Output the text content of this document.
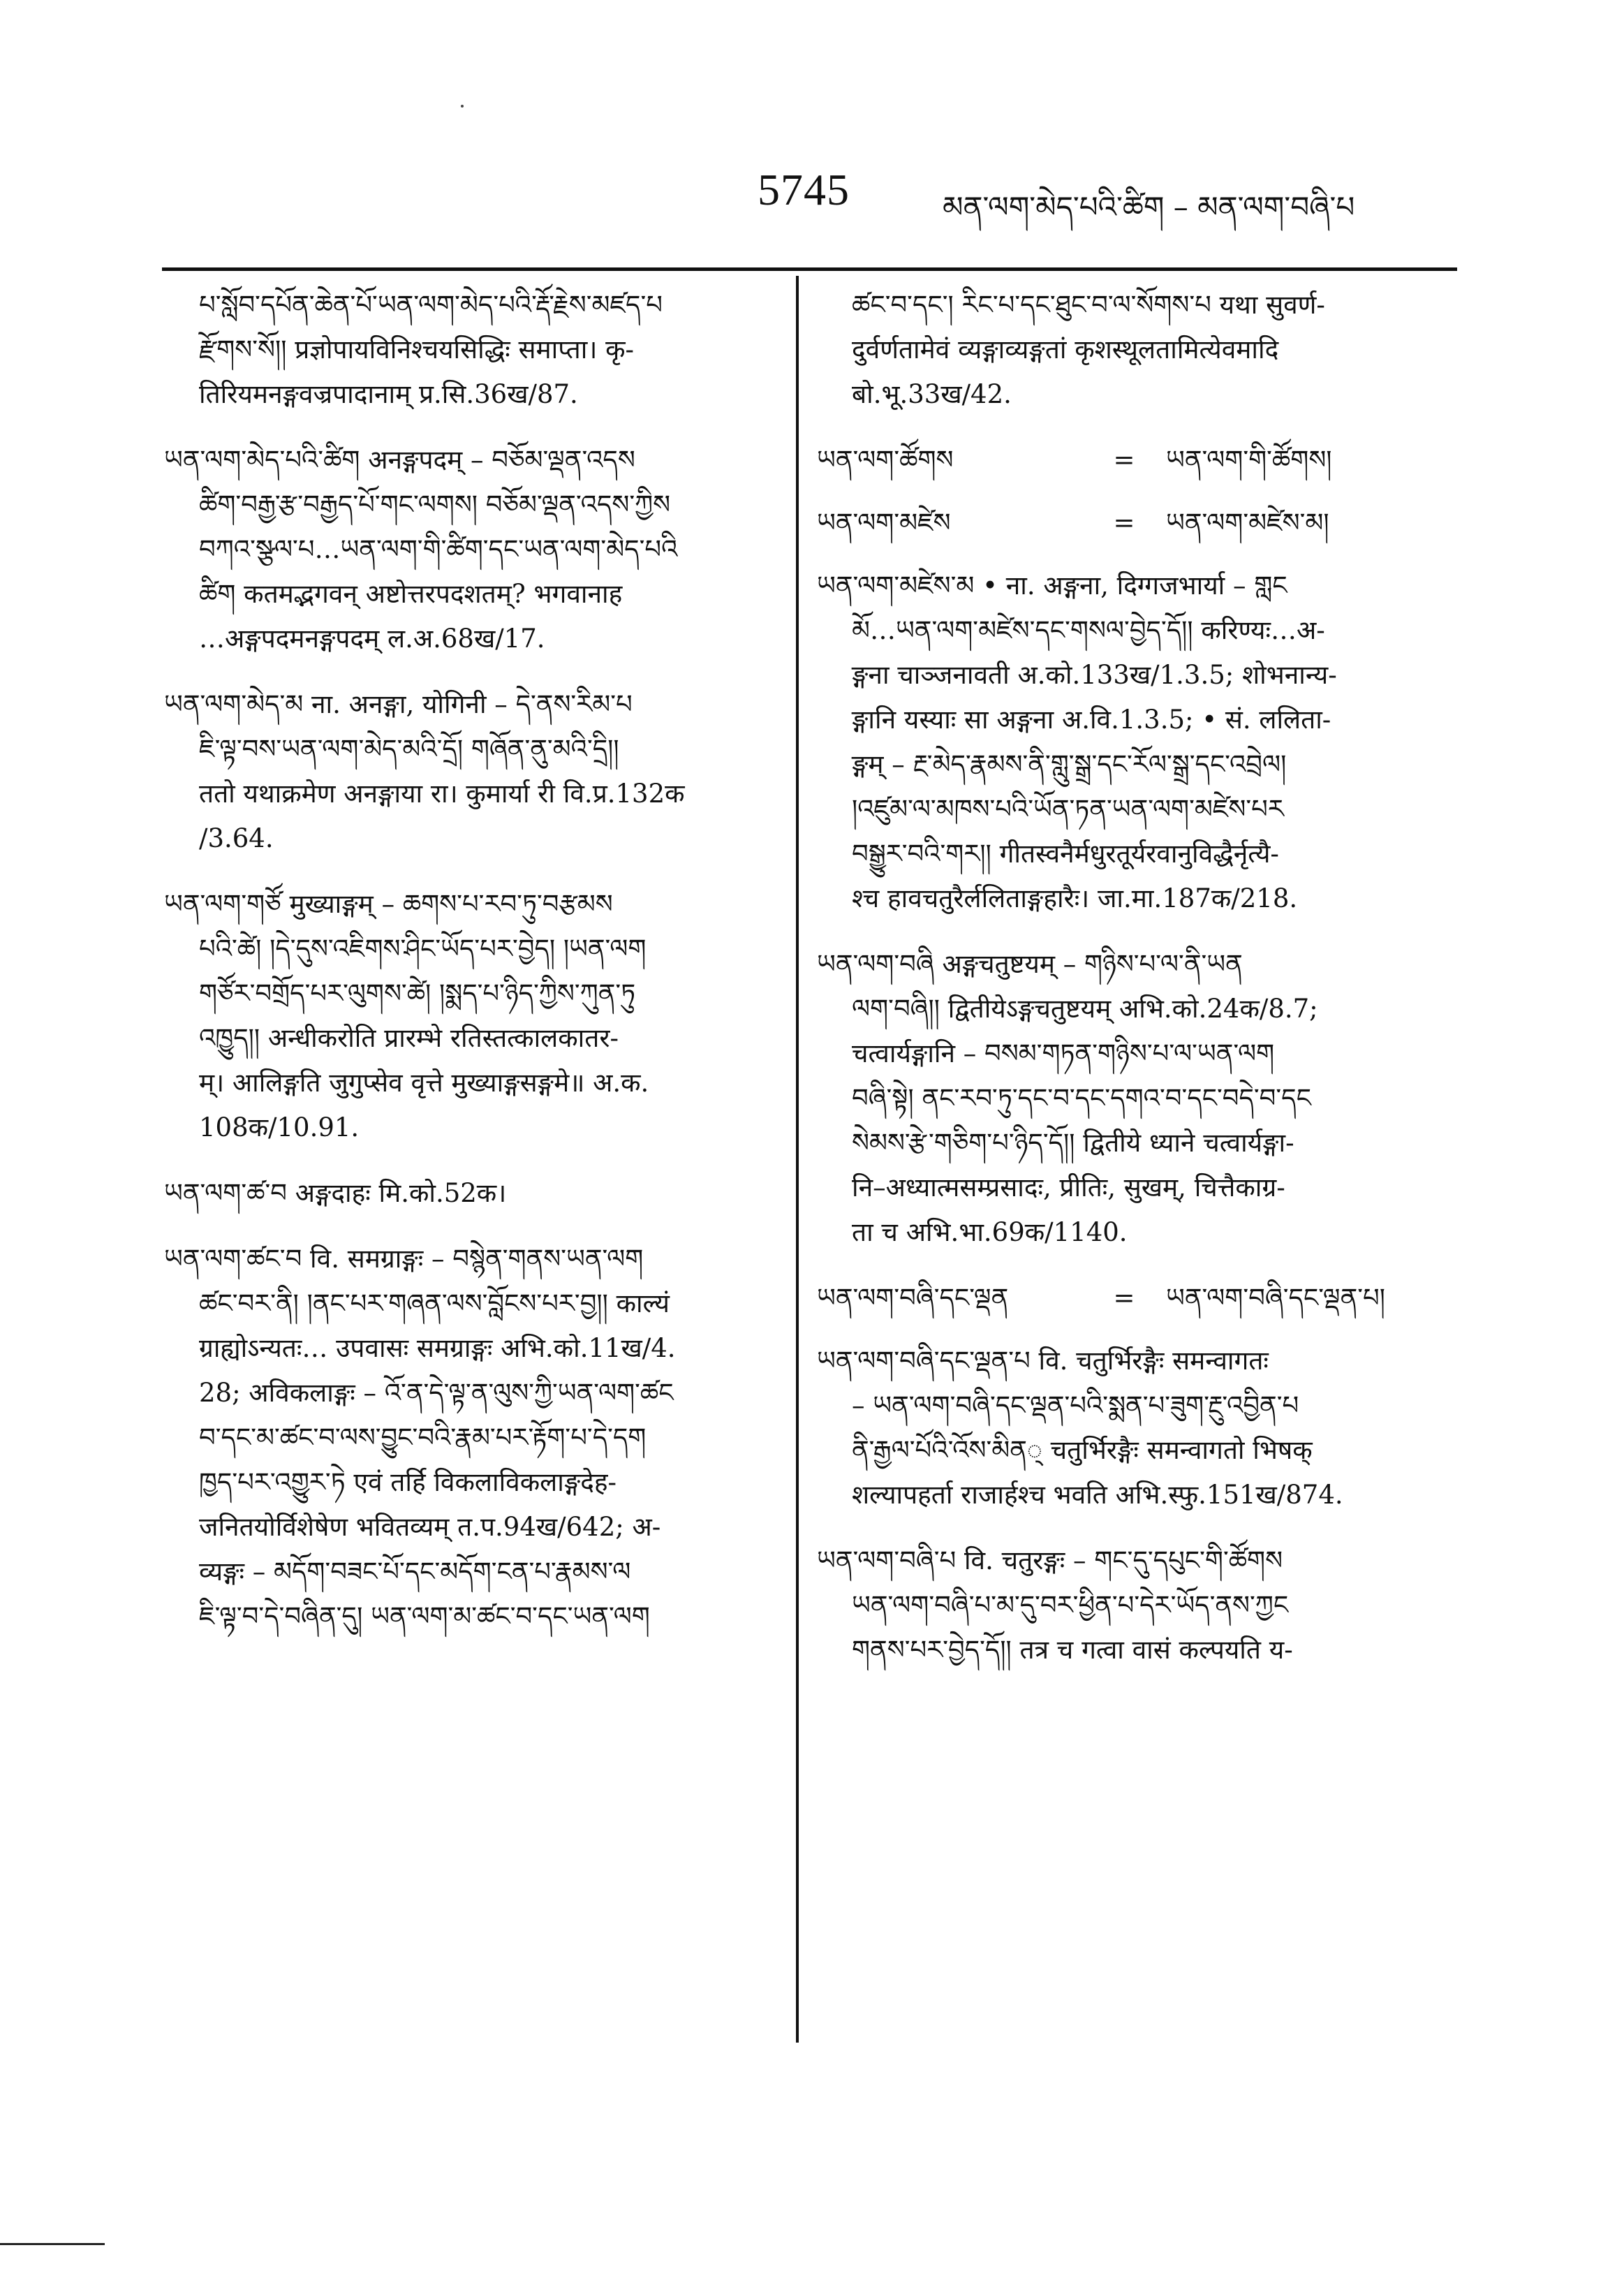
5745	མན་ལག་མེད་པའི་ཚིག – མན་ལག་བཞི་པ

པ་སློབ་དཔོན་ཆེན་པོ་ཡན་ལག་མེད་པའི་རྡོ་རྗེས་མཛད་པ

རྫོགས་སོ།། प्रज्ञोपायविनिश्चयसिद्धिः समाप्ता। कृ-

तिरियमनङ्गवज्रपादानाम् प्र.सि.36ख/87.

ཡན་ལག་མེད་པའི་ཚིག अनङ्गपदम् – བཅོམ་ལྡན་འདས

ཚིག་བརྒྱ་རྩ་བརྒྱད་པོ་གང་ལགས། བཅོམ་ལྡན་འདས་ཀྱིས

བཀའ་སྩལ་པ…ཡན་ལག་གི་ཚིག་དང་ཡན་ལག་མེད་པའི

ཚིག कतमद्भगवन् अष्टोत्तरपदशतम्? भगवानाह

…अङ्गपदमनङ्गपदम् ल.अ.68ख/17.

ཡན་ལག་མེད་མ ना. अनङ्गा, योगिनी – དེ་ནས་རིམ་པ

ཇི་ལྟ་བས་ཡན་ལག་མེད་མའི་དྲོ། གཞོན་ནུ་མའི་དྲི།།

ततो यथाक्रमेण अनङ्गाया रा। कुमार्या री वि.प्र.132क

/3.64.

ཡན་ལག་གཙོ मुख्याङ्गम् – ཆགས་པ་རབ་ཏུ་བརྩམས

པའི་ཚེ། །དེ་དུས་འཇིགས་ཤིང་ཡོད་པར་བྱེད། །ཡན་ལག

གཙོར་བགྲོད་པར་ལུགས་ཚེ། །སྨད་པ་ཉིད་ཀྱིས་ཀུན་ཏུ

འཁྱུད།། अन्धीकरोति प्रारम्भे रतिस्तत्कालकातर-

म्। आलिङ्गति जुगुप्सेव वृत्ते मुख्याङ्गसङ्गमे॥ अ.क.

108क/10.91.

ཡན་ལག་ཚ་བ अङ्गदाहः मि.को.52क।

ཡན་ལག་ཚང་བ वि. समग्राङ्गः – བསྙེན་གནས་ཡན་ལག

ཚང་བར་ནི། །ནང་པར་གཞན་ལས་བློངས་པར་བྱ།། काल्यं

ग्राह्योऽन्यतः… उपवासः समग्राङ्गः अभि.को.11ख/4.

28; अविकलाङ्गः – འོ་ན་དེ་ལྟ་ན་ལུས་ཀྱི་ཡན་ལག་ཚང

བ་དང་མ་ཚང་བ་ལས་བྱུང་བའི་རྣམ་པར་རྟོག་པ་དེ་དག

ཁྱད་པར་འགྱུར་ཏེ एवं तर्हि विकलाविकलाङ्गदेह-

जनितयोर्विशेषेण भवितव्यम् त.प.94ख/642; अ-

व्यङ्गः – མདོག་བཟང་པོ་དང་མདོག་ངན་པ་རྣམས་ལ

ཇི་ལྟ་བ་དེ་བཞིན་དུ། ཡན་ལག་མ་ཚང་བ་དང་ཡན་ལག

ཚང་བ་དང་། རིང་པ་དང་ཐུང་བ་ལ་སོགས་པ यथा सुवर्ण-

दुर्वर्णतामेवं व्यङ्गाव्यङ्गतां कृशस्थूलतामित्येवमादि

बो.भू.33ख/42.

ཡན་ལག་ཚོགས	=	ཡན་ལག་གི་ཚོགས།
ཡན་ལག་མཛེས	=	ཡན་ལག་མཛེས་མ།

ཡན་ལག་མཛེས་མ • ना. अङ्गना, दिग्गजभार्या – གླང

མོ…ཡན་ལག་མཛེས་དང་གསལ་བྱེད་དོ།། करिण्यः…अ-

ङ्गना चाञ्जनावती अ.को.133ख/1.3.5; शोभनान्य-

ङ्गानि यस्याः सा अङ्गना अ.वि.1.3.5; • सं. ललिता-

ङ्गम् – རྔ་མེད་རྣམས་ནི་གླུ་སྒྲ་དང་རོལ་སྒྲ་དང་འབྲེལ།

།འཛུམ་ལ་མཁས་པའི་ཡོན་ཏན་ཡན་ལག་མཛེས་པར

བསྒྱུར་བའི་གར།། गीतस्वनैर्मधुरतूर्यरवानुविद्धैर्नृत्यै-

श्च हावचतुरैर्ललिताङ्गहारैः। जा.मा.187क/218.

ཡན་ལག་བཞི अङ्गचतुष्टयम् – གཉིས་པ་ལ་ནི་ཡན

ལག་བཞི།། द्वितीयेऽङ्गचतुष्टयम् अभि.को.24क/8.7;

चत्वार्यङ्गानि – བསམ་གཏན་གཉིས་པ་ལ་ཡན་ལག

བཞི་སྟེ། ནང་རབ་ཏུ་དང་བ་དང་དགའ་བ་དང་བདེ་བ་དང

སེམས་རྩེ་གཅིག་པ་ཉིད་དོ།། द्वितीये ध्याने चत्वार्यङ्गा-

नि–अध्यात्मसम्प्रसादः, प्रीतिः, सुखम्, चित्तैकाग्र-

ता च अभि.भा.69क/1140.

ཡན་ལག་བཞི་དང་ལྡན	=	ཡན་ལག་བཞི་དང་ལྡན་པ།

ཡན་ལག་བཞི་དང་ལྡན་པ वि. चतुर्भिरङ्गैः समन्वागतः

– ཡན་ལག་བཞི་དང་ལྡན་པའི་སྨན་པ་ཟུག་རྔུ་འབྱིན་པ

ནི་རྒྱལ་པོའི་འོས་མིན् चतुर्भिरङ्गैः समन्वागतो भिषक्

शल्यापहर्ता राजार्हश्च भवति अभि.स्फु.151ख/874.

ཡན་ལག་བཞི་པ वि. चतुरङ्गः – གང་དུ་དཔུང་གི་ཚོགས

ཡན་ལག་བཞི་པ་མ་དུ་བར་ཕྱིན་པ་དེར་ཡོད་ནས་ཀྱང

གནས་པར་བྱེད་དོ།། तत्र च गत्वा वासं कल्पयति य-
